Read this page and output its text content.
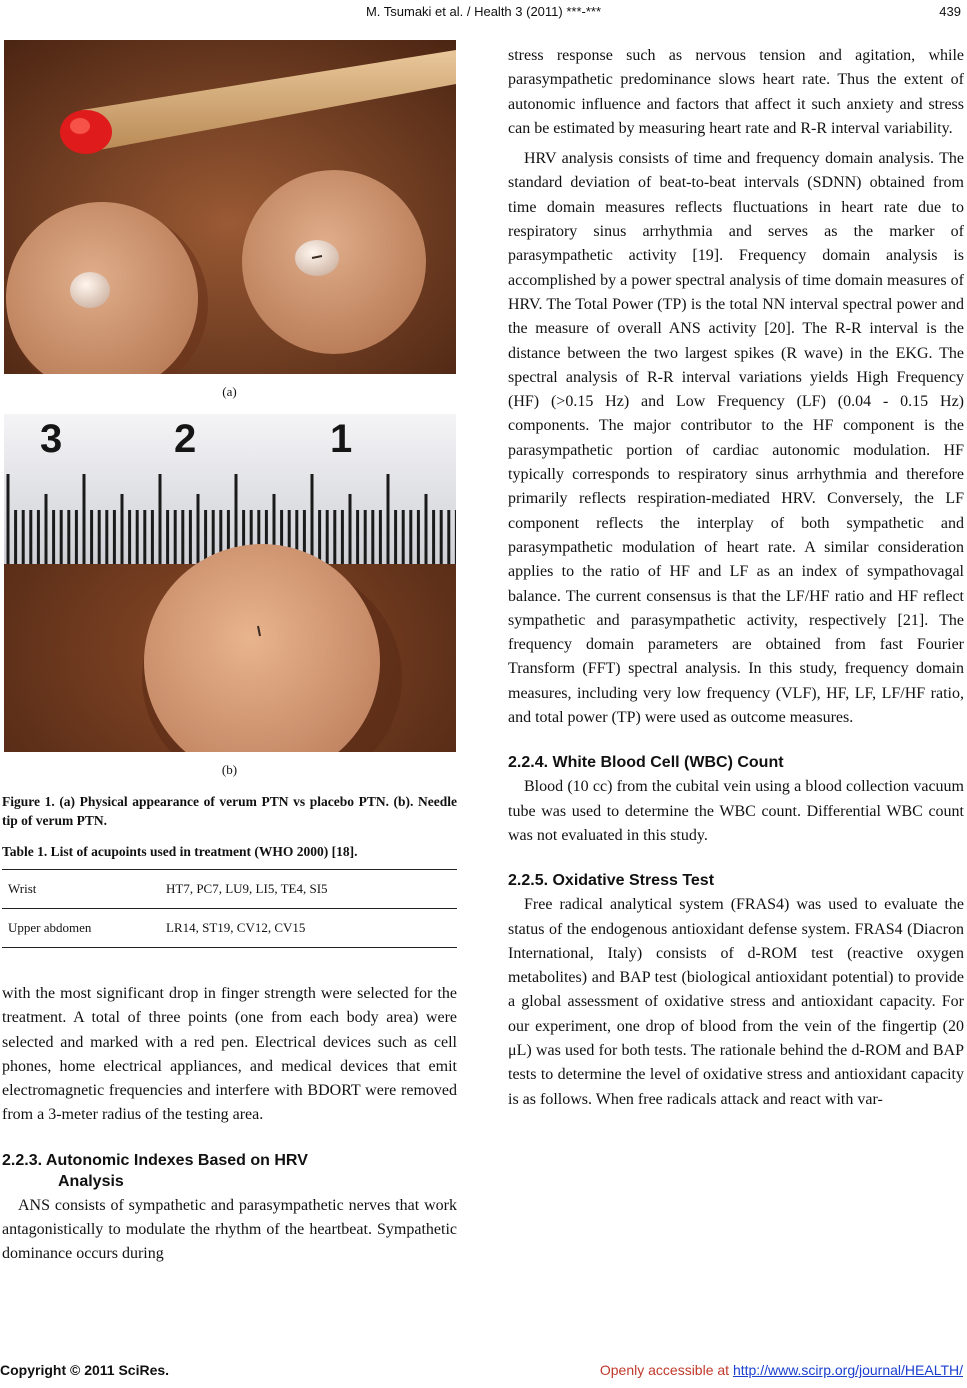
M. Tsumaki et al. / Health 3 (2011) ***-***	439
(a)
3	2	1
(b)

Figure 1. (a) Physical appearance of verum PTN vs placebo PTN. (b). Needle tip of verum PTN.

Table 1. List of acupoints used in treatment (WHO 2000) [18].

Wrist	HT7, PC7, LU9, LI5, TE4, SI5
Upper abdomen	LR14, ST19, CV12, CV15

with the most significant drop in finger strength were selected for the treatment. A total of three points (one from each body area) were selected and marked with a red pen. Electrical devices such as cell phones, home electrical appliances, and medical devices that emit electromagnetic frequencies and interfere with BDORT were removed from a 3-meter radius of the testing area.

2.2.3. Autonomic Indexes Based on HRV
Analysis

ANS consists of sympathetic and parasympathetic nerves that work antagonistically to modulate the rhythm of the heartbeat. Sympathetic dominance occurs during

stress response such as nervous tension and agitation, while parasympathetic predominance slows heart rate. Thus the extent of autonomic influence and factors that affect it such anxiety and stress can be estimated by measuring heart rate and R-R interval variability.

HRV analysis consists of time and frequency domain analysis. The standard deviation of beat-to-beat intervals (SDNN) obtained from time domain measures reflects fluctuations in heart rate due to respiratory sinus arrhythmia and serves as the marker of parasympathetic activity [19]. Frequency domain analysis is accomplished by a power spectral analysis of time domain measures of HRV. The Total Power (TP) is the total NN interval spectral power and the measure of overall ANS activity [20]. The R-R interval is the distance between the two largest spikes (R wave) in the EKG. The spectral analysis of R-R interval variations yields High Frequency (HF) (>0.15 Hz) and Low Frequency (LF) (0.04 - 0.15 Hz) components. The major contributor to the HF component is the parasympathetic portion of cardiac autonomic modulation. HF typically corresponds to respiratory sinus arrhythmia and therefore primarily reflects respiration-mediated HRV. Conversely, the LF component reflects the interplay of both sympathetic and parasympathetic modulation of heart rate. A similar consideration applies to the ratio of HF and LF as an index of sympathovagal balance. The current consensus is that the LF/HF ratio and HF reflect sympathetic and parasympathetic activity, respectively [21]. The frequency domain parameters are obtained from fast Fourier Transform (FFT) spectral analysis. In this study, frequency domain measures, including very low frequency (VLF), HF, LF, LF/HF ratio, and total power (TP) were used as outcome measures.

2.2.4. White Blood Cell (WBC) Count

Blood (10 cc) from the cubital vein using a blood collection vacuum tube was used to determine the WBC count. Differential WBC count was not evaluated in this study.

2.2.5. Oxidative Stress Test

Free radical analytical system (FRAS4) was used to evaluate the status of the endogenous antioxidant defense system. FRAS4 (Diacron International, Italy) consists of d-ROM test (reactive oxygen metabolites) and BAP test (biological antioxidant potential) to provide a global assessment of oxidative stress and antioxidant capacity. For our experiment, one drop of blood from the vein of the fingertip (20 μL) was used for both tests. The rationale behind the d-ROM and BAP tests to determine the level of oxidative stress and antioxidant capacity is as follows. When free radicals attack and react with var-

Copyright © 2011 SciRes.	Openly accessible at http://www.scirp.org/journal/HEALTH/
